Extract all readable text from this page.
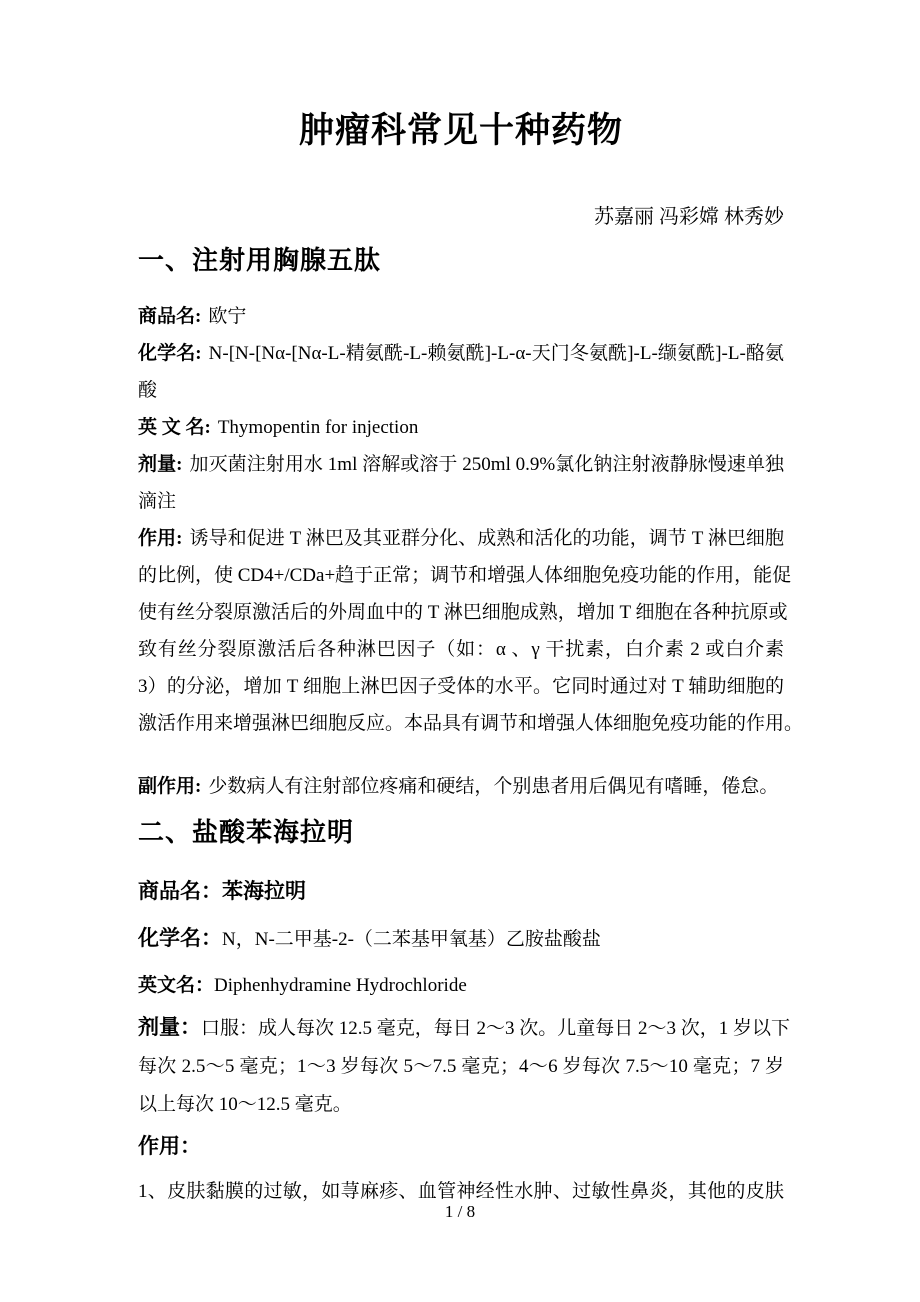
肿瘤科常见十种药物
苏嘉丽 冯彩嫦 林秀妙
一、注射用胸腺五肽
商品名: 欧宁
化学名: N-[N-[Nα-[Nα-L-精氨酰-L-赖氨酰]-L-α-天门冬氨酰]-L-缬氨酰]-L-酪氨
酸
英 文 名: Thymopentin for injection
剂量: 加灭菌注射用水 1ml 溶解或溶于 250ml 0.9%氯化钠注射液静脉慢速单独
滴注
作用: 诱导和促进 T 淋巴及其亚群分化、成熟和活化的功能，调节 T 淋巴细胞
的比例，使 CD4+/CDa+趋于正常；调节和增强人体细胞免疫功能的作用，能促
使有丝分裂原激活后的外周血中的 T 淋巴细胞成熟，增加 T 细胞在各种抗原或
致有丝分裂原激活后各种淋巴因子（如：α 、γ 干扰素，白介素 2 或白介素
3）的分泌，增加 T 细胞上淋巴因子受体的水平。它同时通过对 T 辅助细胞的
激活作用来增强淋巴细胞反应。本品具有调节和增强人体细胞免疫功能的作用。
副作用: 少数病人有注射部位疼痛和硬结，个别患者用后偶见有嗜睡，倦怠。
二、盐酸苯海拉明
商品名：苯海拉明
化学名：N，N-二甲基-2-（二苯基甲氧基）乙胺盐酸盐
英文名：Diphenhydramine Hydrochloride
剂量：口服：成人每次 12.5 毫克，每日 2～3 次。儿童每日 2～3 次，1 岁以下
每次 2.5～5 毫克；1～3 岁每次 5～7.5 毫克；4～6 岁每次 7.5～10 毫克；7 岁
以上每次 10～12.5 毫克。
作用：
1、皮肤黏膜的过敏，如荨麻疹、血管神经性水肿、过敏性鼻炎，其他的皮肤
1 / 8
